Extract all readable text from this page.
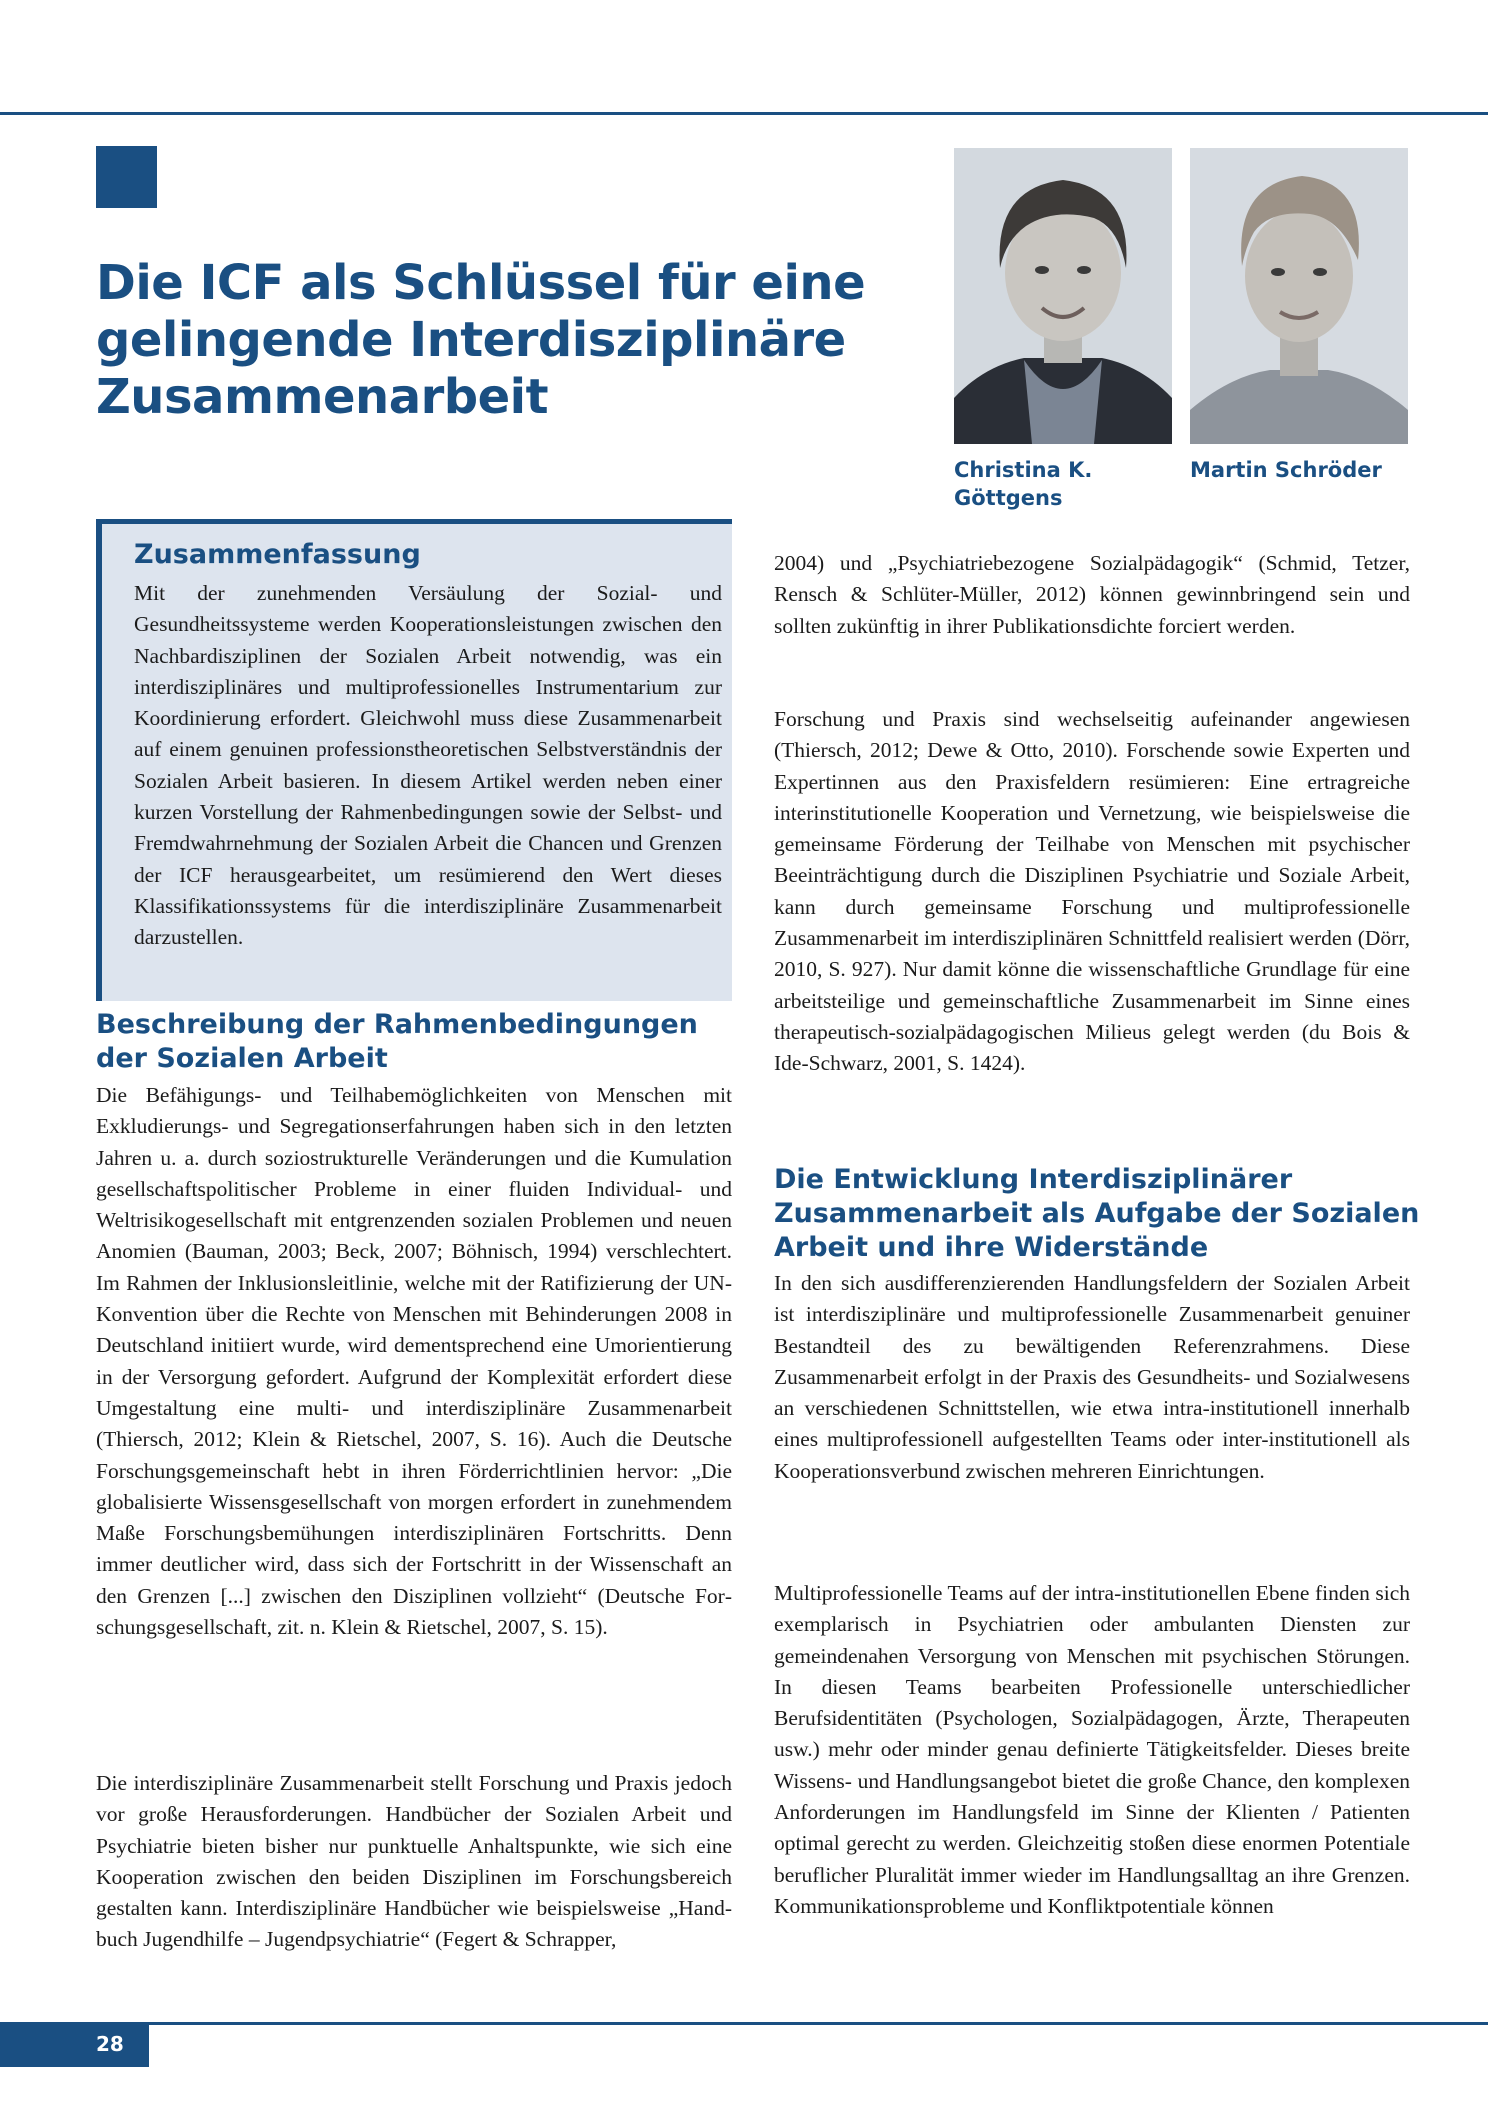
Die ICF als Schlüssel für eine gelingende Interdisziplinäre Zusammenarbeit
Christina K. Göttgens
Martin Schröder
Zusammenfassung

Mit der zunehmenden Versäulung der Sozial- und Gesundheitssysteme werden Kooperationsleistungen zwischen den Nachbardisziplinen der Sozialen Arbeit notwendig, was ein interdisziplinäres und multiprofessionelles Instrumentarium zur Koordinierung erfordert. Gleichwohl muss diese Zusammenarbeit auf einem genuinen professionstheoretischen Selbstverständnis der Sozialen Arbeit basieren. In diesem Artikel werden neben einer kurzen Vorstellung der Rahmenbedingungen sowie der Selbst- und Fremdwahrnehmung der Sozialen Arbeit die Chancen und Grenzen der ICF herausgearbeitet, um resümierend den Wert dieses Klassifikationssystems für die interdisziplinäre Zusammenarbeit darzustellen.

Beschreibung der Rahmenbedingungen der Sozialen Arbeit

Die Befähigungs- und Teilhabemöglichkeiten von Menschen mit Exkludierungs- und Segregationserfahrungen haben sich in den letzten Jahren u. a. durch soziostrukturelle Veränderungen und die Kumulation gesellschaftspolitischer Probleme in einer fluiden Individual- und Weltrisikogesellschaft mit entgrenzenden sozialen Problemen und neuen Anomien (Bauman, 2003; Beck, 2007; Böhnisch, 1994) verschlechtert. Im Rahmen der Inklusionsleitlinie, welche mit der Ratifizierung der UN-Konvention über die Rechte von Menschen mit Behinderungen 2008 in Deutschland initiiert wurde, wird dementsprechend eine Umorientierung in der Versorgung gefordert. Aufgrund der Komplexität erfordert diese Umgestaltung eine multi- und interdisziplinäre Zusammenarbeit (Thiersch, 2012; Klein & Rietschel, 2007, S. 16). Auch die Deutsche Forschungsgemeinschaft hebt in ihren Förderrichtlinien hervor: „Die globalisierte Wissensgesellschaft von morgen erfordert in zunehmendem Maße Forschungsbemühungen interdisziplinären Fortschritts. Denn immer deutlicher wird, dass sich der Fortschritt in der Wissenschaft an den Grenzen [...] zwischen den Disziplinen vollzieht“ (Deutsche Forschungsgesellschaft, zit. n. Klein & Rietschel, 2007, S. 15).

Die interdisziplinäre Zusammenarbeit stellt Forschung und Praxis jedoch vor große Herausforderungen. Handbücher der Sozialen Arbeit und Psychiatrie bieten bisher nur punktuelle Anhaltspunkte, wie sich eine Kooperation zwischen den beiden Disziplinen im Forschungsbereich gestalten kann. Interdisziplinäre Handbücher wie beispielsweise „Handbuch Jugendhilfe – Jugendpsychiatrie“ (Fegert & Schrapper,

2004) und „Psychiatriebezogene Sozialpädagogik“ (Schmid, Tetzer, Rensch & Schlüter-Müller, 2012) können gewinnbringend sein und sollten zukünftig in ihrer Publikationsdichte forciert werden.

Forschung und Praxis sind wechselseitig aufeinander angewiesen (Thiersch, 2012; Dewe & Otto, 2010). Forschende sowie Experten und Expertinnen aus den Praxisfeldern resümieren: Eine ertragreiche interinstitutionelle Kooperation und Vernetzung, wie beispielsweise die gemeinsame Förderung der Teilhabe von Menschen mit psychischer Beeinträchtigung durch die Disziplinen Psychiatrie und Soziale Arbeit, kann durch gemeinsame Forschung und multiprofessionelle Zusammenarbeit im interdisziplinären Schnittfeld realisiert werden (Dörr, 2010, S. 927). Nur damit könne die wissenschaftliche Grundlage für eine arbeitsteilige und gemeinschaftliche Zusammenarbeit im Sinne eines therapeutisch-sozialpädagogischen Milieus gelegt werden (du Bois & Ide-Schwarz, 2001, S. 1424).

Die Entwicklung Interdisziplinärer Zusammenarbeit als Aufgabe der Sozialen Arbeit und ihre Widerstände

In den sich ausdifferenzierenden Handlungsfeldern der Sozialen Arbeit ist interdisziplinäre und multiprofessionelle Zusammenarbeit genuiner Bestandteil des zu bewältigenden Referenzrahmens. Diese Zusammenarbeit erfolgt in der Praxis des Gesundheits- und Sozialwesens an verschiedenen Schnittstellen, wie etwa intra-institutionell innerhalb eines multiprofessionell aufgestellten Teams oder inter-institutionell als Kooperationsverbund zwischen mehreren Einrichtungen.

Multiprofessionelle Teams auf der intra-institutionellen Ebene finden sich exemplarisch in Psychiatrien oder ambulanten Diensten zur gemeindenahen Versorgung von Menschen mit psychischen Störungen. In diesen Teams bearbeiten Professionelle unterschiedlicher Berufsidentitäten (Psychologen, Sozialpädagogen, Ärzte, Therapeuten usw.) mehr oder minder genau definierte Tätigkeitsfelder. Dieses breite Wissens- und Handlungsangebot bietet die große Chance, den komplexen Anforderungen im Handlungsfeld im Sinne der Klienten / Patienten optimal gerecht zu werden. Gleichzeitig stoßen diese enormen Potentiale beruflicher Pluralität immer wieder im Handlungsalltag an ihre Grenzen. Kommunikationsprobleme und Konfliktpotentiale können

28
